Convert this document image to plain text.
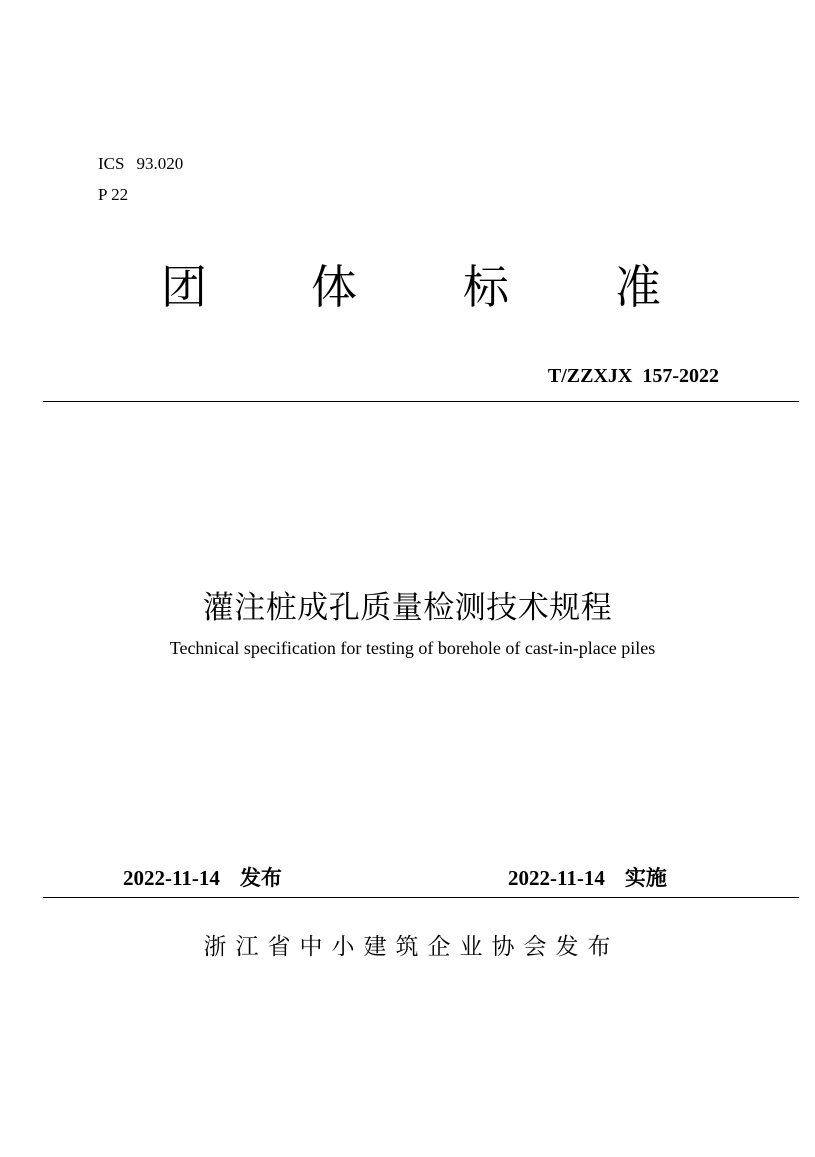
ICS 93.020
P 22
团 体 标 准
T/ZZXJX  157-2022
灌注桩成孔质量检测技术规程
Technical specification for testing of borehole of cast-in-place piles
2022-11-14 发布	2022-11-14 实施
浙江省中小建筑企业协会发布
